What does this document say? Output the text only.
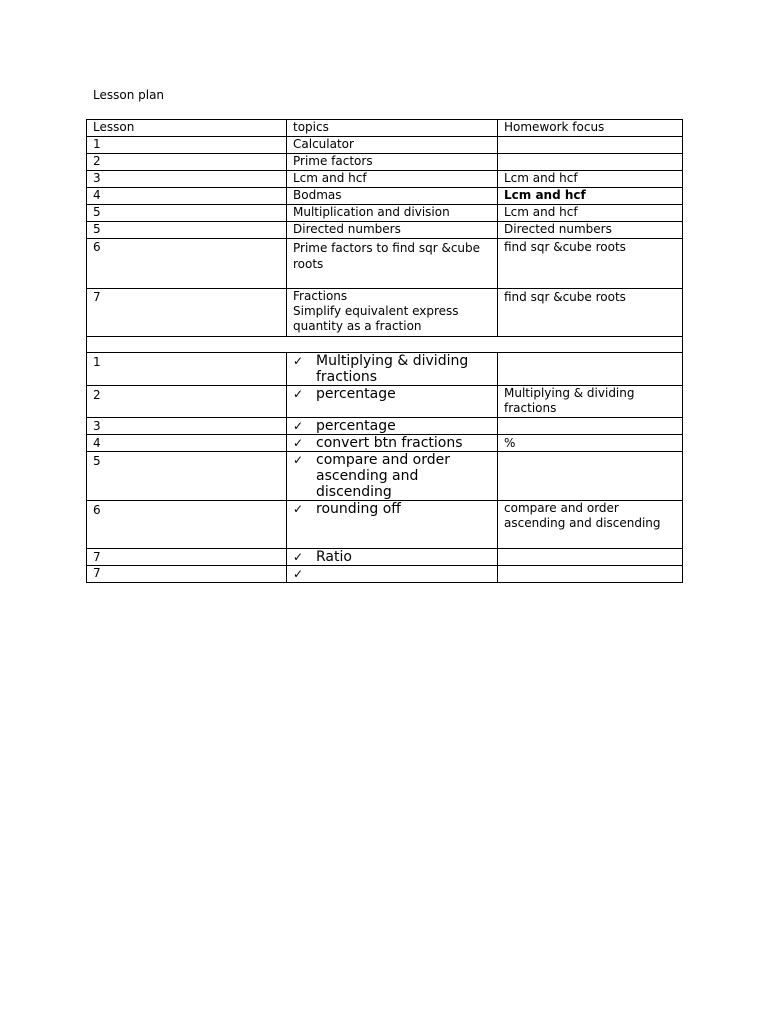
Lesson plan
Lesson	topics	Homework focus
1	Calculator	
2	Prime factors	
3	Lcm and hcf	Lcm and hcf
4	Bodmas	Lcm and hcf
5	Multiplication and division	Lcm and hcf
5	Directed numbers	Directed numbers
6	Prime factors to find sqr &cube roots	find sqr &cube roots
7	Fractions
Simplify equivalent express
quantity as a fraction	find sqr &cube roots

1	✓ Multiplying & dividing fractions	

2	✓ percentage	Multiplying & dividing fractions
3	✓ percentage	

4	✓ convert btn fractions	%
5	✓ compare and order ascending and discending	

6	✓ rounding off	compare and order ascending and discending
7	✓ Ratio	

7	✓	
